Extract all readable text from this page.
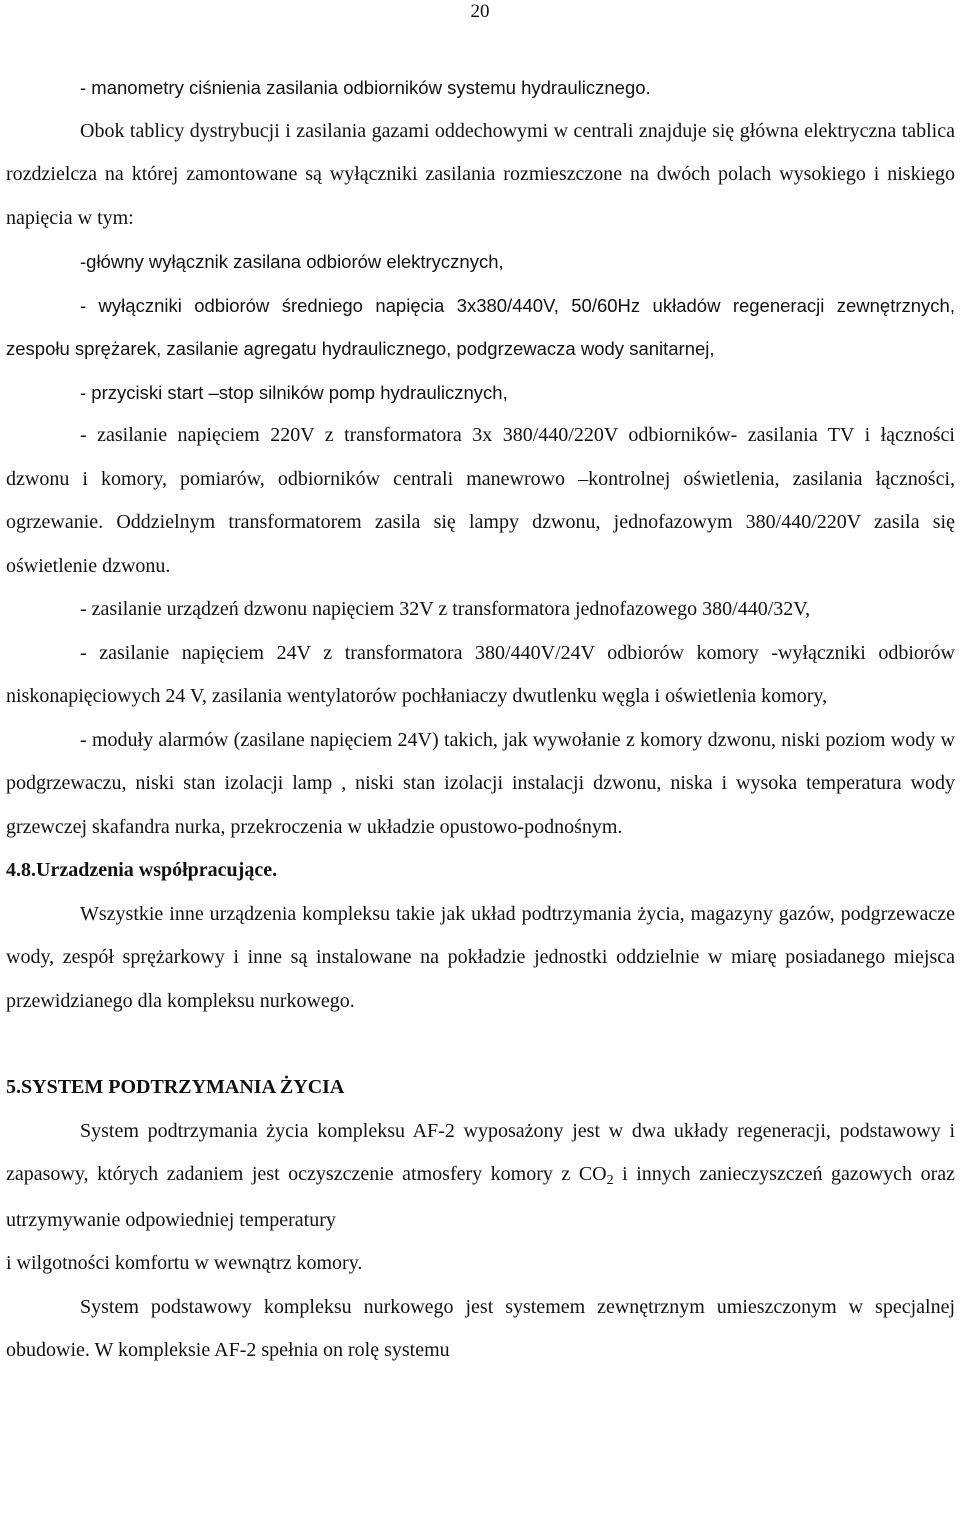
20

- manometry ciśnienia zasilania odbiorników systemu hydraulicznego.

Obok tablicy dystrybucji i zasilania gazami oddechowymi w centrali znajduje się główna elektryczna tablica rozdzielcza na której zamontowane są wyłączniki zasilania rozmieszczone na dwóch polach wysokiego i niskiego napięcia w tym:

-główny wyłącznik zasilana odbiorów elektrycznych,

- wyłączniki odbiorów średniego napięcia 3x380/440V, 50/60Hz układów regeneracji zewnętrznych, zespołu sprężarek, zasilanie agregatu hydraulicznego, podgrzewacza wody sanitarnej,

- przyciski start –stop silników pomp hydraulicznych,

- zasilanie napięciem 220V z transformatora 3x 380/440/220V odbiorników- zasilania TV i łączności dzwonu i komory, pomiarów, odbiorników centrali manewrowo –kontrolnej oświetlenia, zasilania łączności, ogrzewanie. Oddzielnym transformatorem zasila się lampy dzwonu, jednofazowym 380/440/220V zasila się oświetlenie dzwonu.

- zasilanie urządzeń dzwonu napięciem 32V z transformatora jednofazowego 380/440/32V,

- zasilanie napięciem 24V z transformatora 380/440V/24V odbiorów komory -wyłączniki odbiorów niskonapięciowych 24 V, zasilania wentylatorów pochłaniaczy dwutlenku węgla i oświetlenia komory,

- moduły alarmów (zasilane napięciem 24V) takich, jak wywołanie z komory dzwonu, niski poziom wody w podgrzewaczu, niski stan izolacji lamp , niski stan izolacji instalacji dzwonu, niska i wysoka temperatura wody grzewczej skafandra nurka, przekroczenia w układzie opustowo-podnośnym.

4.8.Urzadzenia współpracujące.

Wszystkie inne urządzenia kompleksu takie jak układ podtrzymania życia, magazyny gazów, podgrzewacze wody, zespół sprężarkowy i inne są instalowane na pokładzie jednostki oddzielnie w miarę posiadanego miejsca przewidzianego dla kompleksu nurkowego.

5.SYSTEM PODTRZYMANIA ŻYCIA

System podtrzymania życia kompleksu AF-2 wyposażony jest w dwa układy regeneracji, podstawowy i zapasowy, których zadaniem jest oczyszczenie atmosfery komory z $CO_2$ i innych zanieczyszczeń gazowych oraz utrzymywanie odpowiedniej temperatury

i wilgotności komfortu w wewnątrz komory.

System podstawowy kompleksu nurkowego jest systemem zewnętrznym umieszczonym w specjalnej obudowie. W kompleksie AF-2 spełnia on rolę systemu
